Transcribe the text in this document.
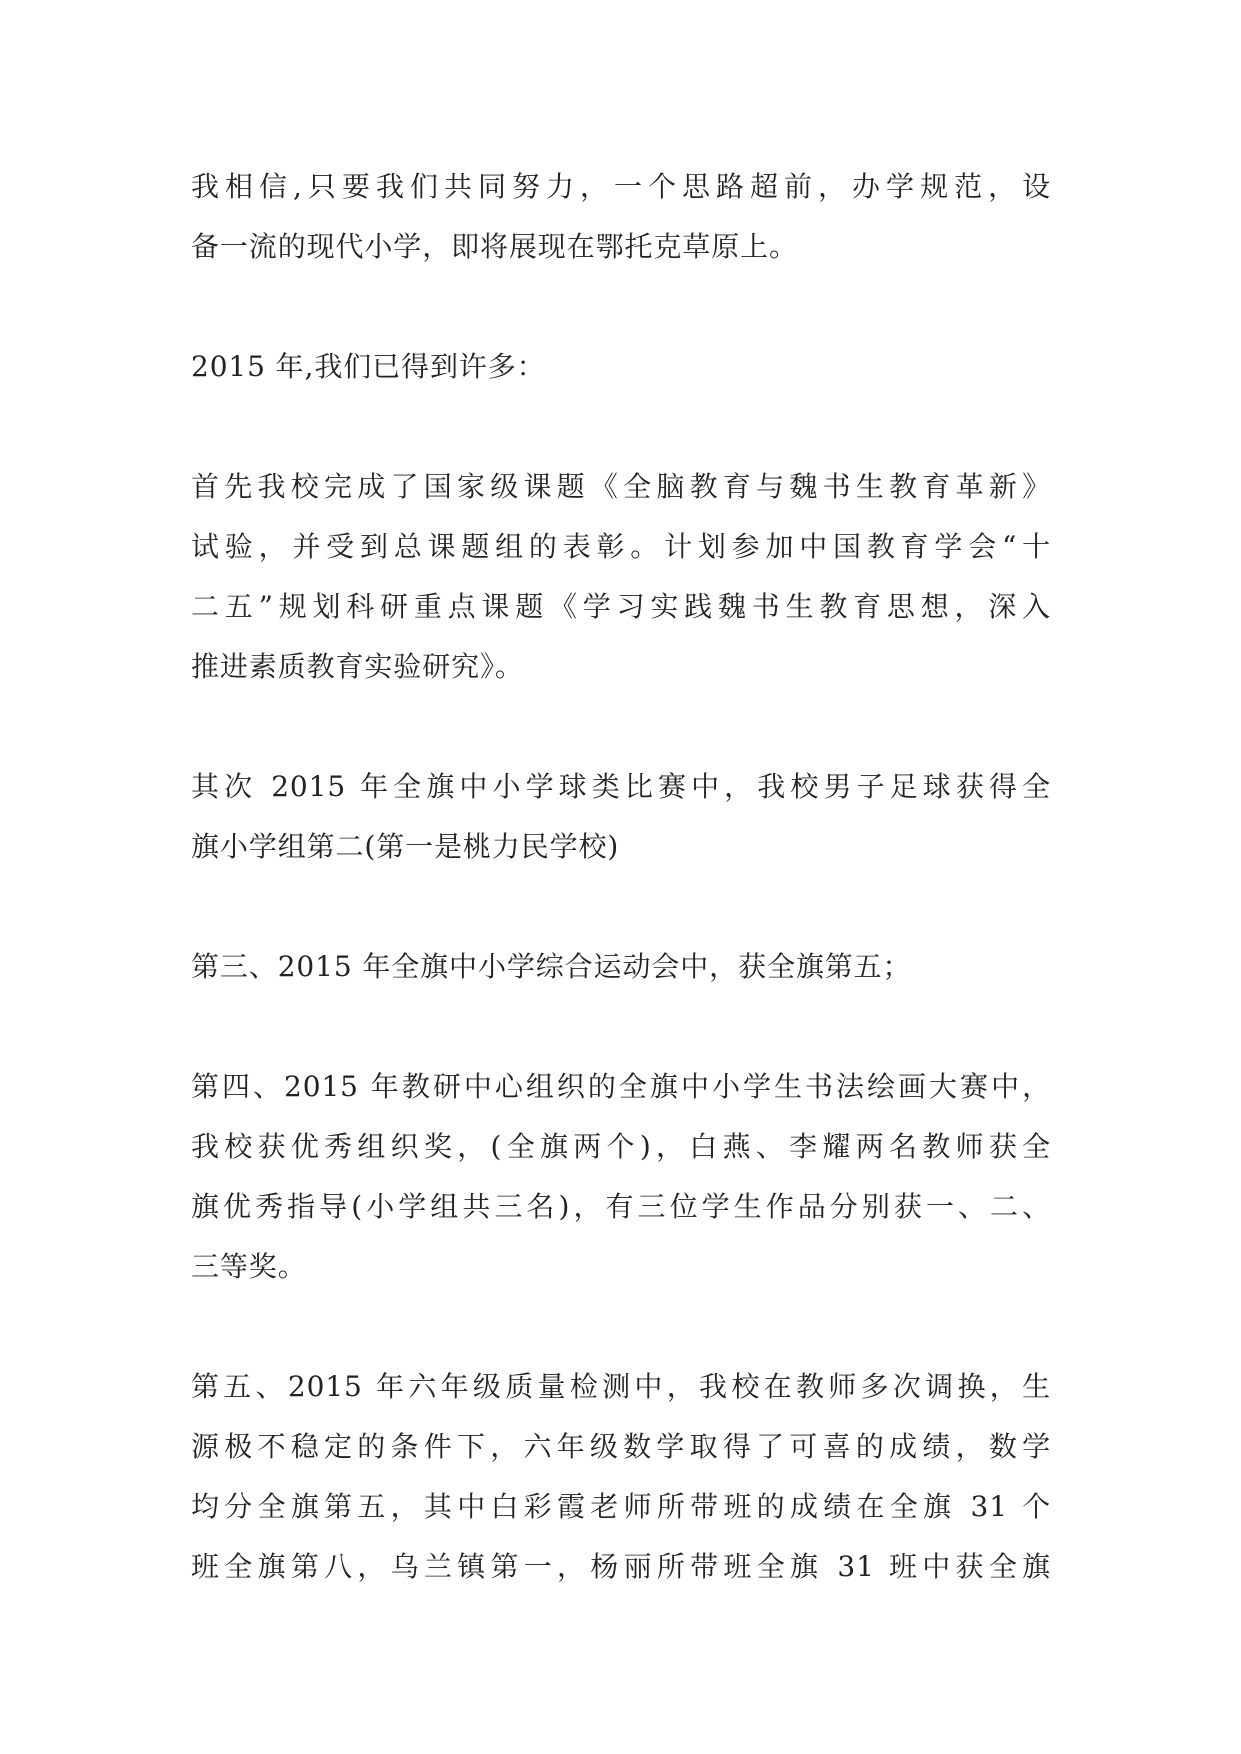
我相信,只要我们共同努力，一个思路超前，办学规范，设
备一流的现代小学，即将展现在鄂托克草原上。
2015 年,我们已得到许多：
首先我校完成了国家级课题《全脑教育与魏书生教育革新》
试验，并受到总课题组的表彰。计划参加中国教育学会“十
二五”规划科研重点课题《学习实践魏书生教育思想，深入
推进素质教育实验研究》。
其次 2015 年全旗中小学球类比赛中，我校男子足球获得全
旗小学组第二(第一是桃力民学校)
第三、2015 年全旗中小学综合运动会中，获全旗第五；
第四、2015 年教研中心组织的全旗中小学生书法绘画大赛中，
我校获优秀组织奖，(全旗两个)，白燕、李耀两名教师获全
旗优秀指导(小学组共三名)，有三位学生作品分别获一、二、
三等奖。
第五、2015 年六年级质量检测中，我校在教师多次调换，生
源极不稳定的条件下，六年级数学取得了可喜的成绩，数学
均分全旗第五，其中白彩霞老师所带班的成绩在全旗 31 个
班全旗第八，乌兰镇第一，杨丽所带班全旗 31 班中获全旗
